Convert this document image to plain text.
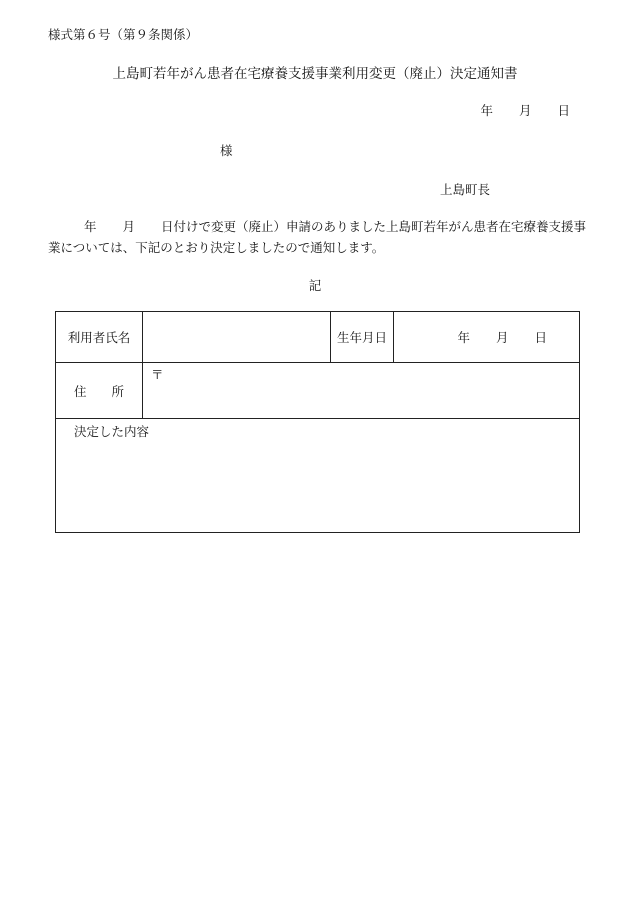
様式第６号（第９条関係）
上島町若年がん患者在宅療養支援事業利用変更（廃止）決定通知書
年 月 日
様
上島町長
年 月 日付けで変更（廃止）申請のありました上島町若年がん患者在宅療養支援事業については、下記のとおり決定しましたので通知します。
記
利用者氏名		生年月日	年 月 日
住　　所	〒		

決定した内容			
